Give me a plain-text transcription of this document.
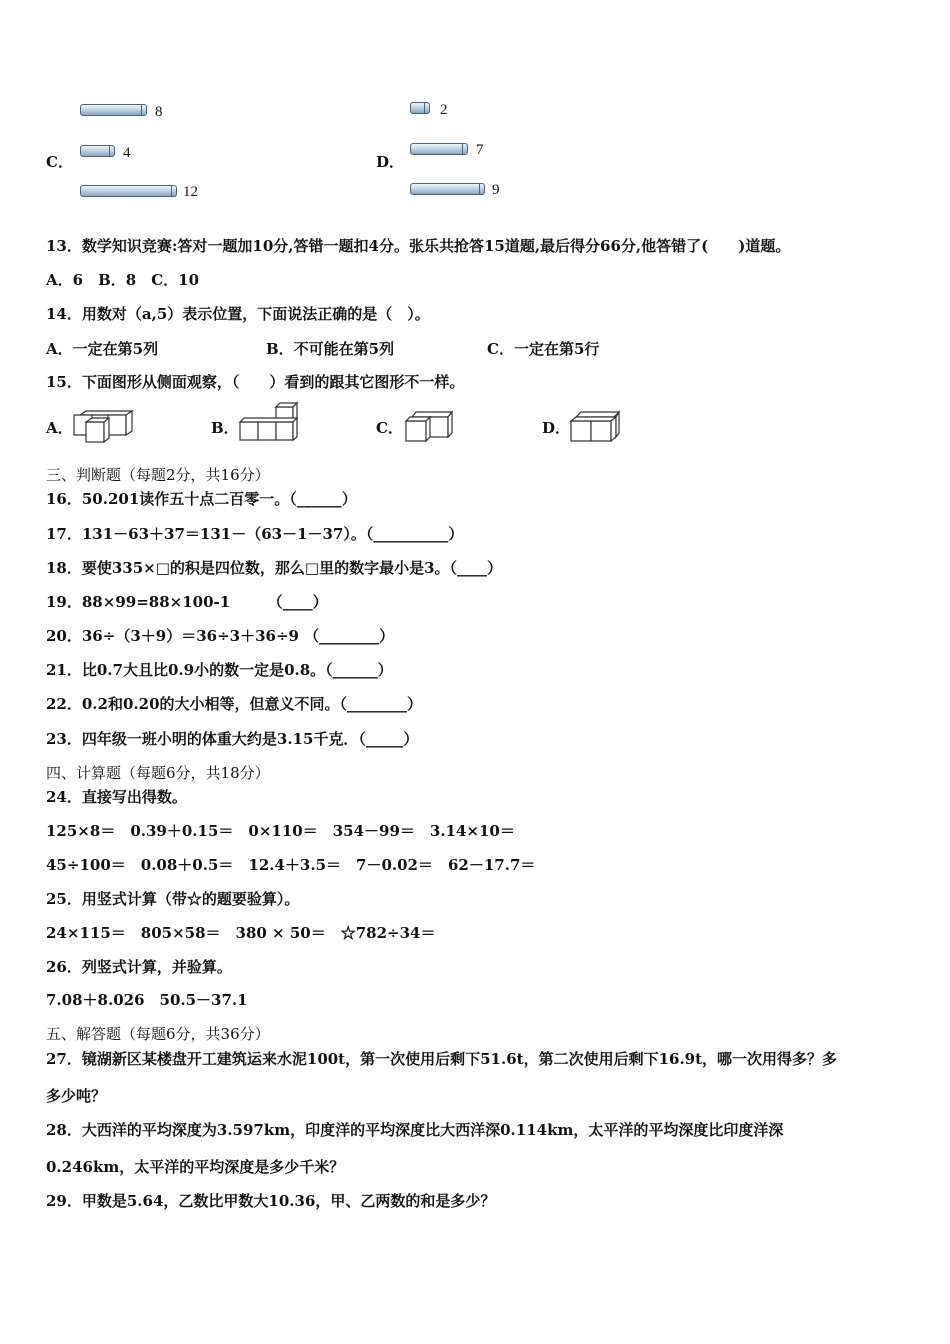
C．
8
4
12
D．
2
7
9
13．数学知识竞赛:答对一题加10分,答错一题扣4分。张乐共抢答15道题,最后得分66分,他答错了(　　)道题。
A．6　B．8　C．10
14．用数对（a,5）表示位置，下面说法正确的是（　）。
A．一定在第5列	B．不可能在第5列	C．一定在第5行
15．下面图形从侧面观察，（　　）看到的跟其它图形不一样。
A．	B．	C．	D．
三、判断题（每题2分，共16分）
16．50.201读作五十点二百零一。（______）
17．131－63＋37＝131－（63－1－37）。（__________）
18．要使335×□的积是四位数，那么□里的数字最小是3。（____）
19．88×99=88×100-1　　　（____）
20．36÷（3＋9）＝36÷3＋36÷9 （________）
21．比0.7大且比0.9小的数一定是0.8。（______）
22．0.2和0.20的大小相等，但意义不同。（________）
23．四年级一班小明的体重大约是3.15千克．（_____）
四、计算题（每题6分，共18分）
24．直接写出得数。
125×8＝　0.39＋0.15＝　0×110＝　354－99＝　3.14×10＝
45÷100＝　0.08＋0.5＝　12.4＋3.5＝　7－0.02＝　62－17.7＝
25．用竖式计算（带☆的题要验算）。
24×115＝　805×58＝　380 × 50＝　☆782÷34＝
26．列竖式计算，并验算。
7.08＋8.026　50.5－37.1
五、解答题（每题6分，共36分）
27．镜湖新区某楼盘开工建筑运来水泥100t，第一次使用后剩下51.6t，第二次使用后剩下16.9t，哪一次用得多？多
多少吨？
28．大西洋的平均深度为3.597km，印度洋的平均深度比大西洋深0.114km，太平洋的平均深度比印度洋深
0.246km，太平洋的平均深度是多少千米？
29．甲数是5.64，乙数比甲数大10.36，甲、乙两数的和是多少？
